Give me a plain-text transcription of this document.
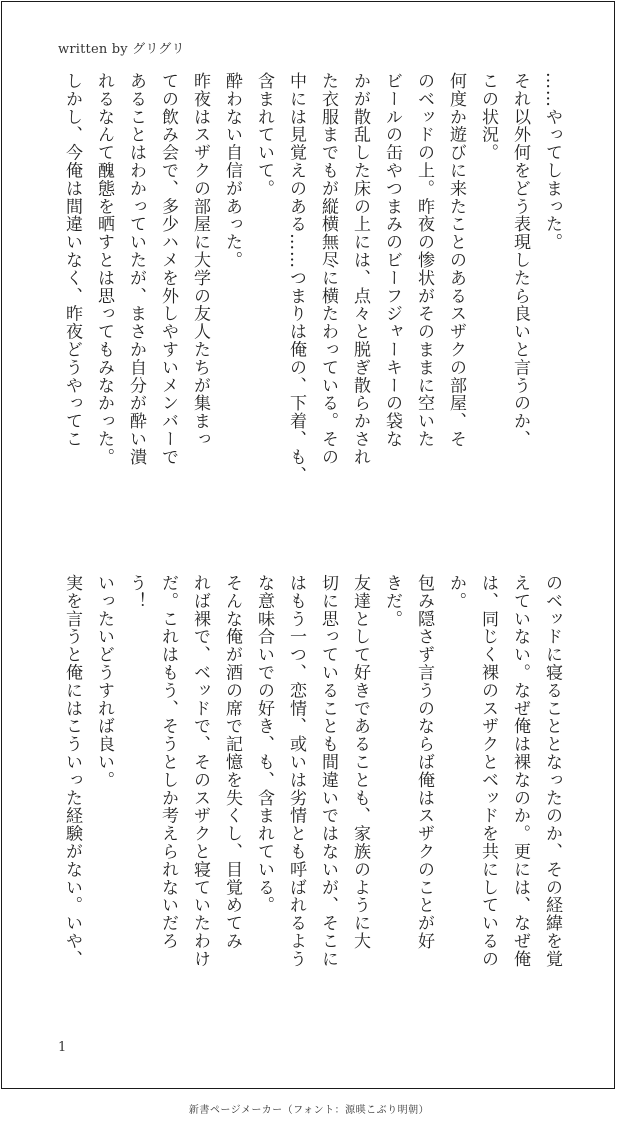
written by グリグリ

……やってしまった。

それ以外何をどう表現したら良いと言うのか、

この状況。

何度か遊びに来たことのあるスザクの部屋、そ

のベッドの上。昨夜の惨状がそのままに空いた

ビールの缶やつまみのビーフジャーキーの袋な

かが散乱した床の上には、点々と脱ぎ散らかされ

た衣服までもが縦横無尽に横たわっている。その

中には見覚えのある……つまりは俺の、下着、も、

含まれていて。

酔わない自信があった。

昨夜はスザクの部屋に大学の友人たちが集まっ

ての飲み会で、多少ハメを外しやすいメンバーで

あることはわかっていたが、まさか自分が酔い潰

れるなんて醜態を晒すとは思ってもみなかった。

しかし、今俺は間違いなく、昨夜どうやってこ

のベッドに寝ることとなったのか、その経緯を覚

えていない。なぜ俺は裸なのか。更には、なぜ俺

は、同じく裸のスザクとベッドを共にしているの

か。

包み隠さず言うのならば俺はスザクのことが好

きだ。

友達として好きであることも、家族のように大

切に思っていることも間違いではないが、そこに

はもう一つ、恋情、或いは劣情とも呼ばれるよう

な意味合いでの好き、も、含まれている。

そんな俺が酒の席で記憶を失くし、目覚めてみ

れば裸で、ベッドで、そのスザクと寝ていたわけ

だ。これはもう、そうとしか考えられないだろ

う！

いったいどうすれば良い。

実を言うと俺にはこういった経験がない。いや、

1
新書ページメーカー（フォント：源暎こぶり明朝）
